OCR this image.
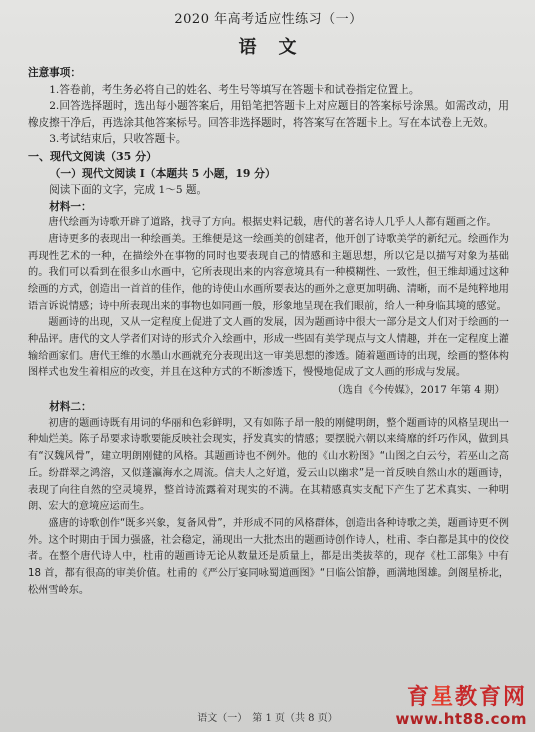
2020 年高考适应性练习（一）
语文

注意事项：

1.答卷前，考生务必将自己的姓名、考生号等填写在答题卡和试卷指定位置上。

2.回答选择题时，选出每小题答案后，用铅笔把答题卡上对应题目的答案标号涂黑。如需改动，用橡皮擦干净后，再选涂其他答案标号。回答非选择题时，将答案写在答题卡上。写在本试卷上无效。

3.考试结束后，只收答题卡。

一、现代文阅读（35 分）
（一）现代文阅读 I（本题共 5 小题，19 分）

阅读下面的文字，完成 1～5 题。

材料一：

唐代绘画为诗歌开辟了道路，找寻了方向。根据史料记载，唐代的著名诗人几乎人人都有题画之作。

唐诗更多的表现出一种绘画美。王维便是这一绘画美的创建者，他开创了诗歌美学的新纪元。绘画作为再现性艺术的一种，在描绘外在事物的同时也要表现自己的情感和主题思想，所以它是以描写对象为基础的。我们可以看到在很多山水画中，它所表现出来的内容意境具有一种模糊性、一致性，但王维却通过这种绘画的方式，创造出一首首的佳作，他的诗使山水画所要表达的画外之意更加明确、清晰，而不是纯粹地用语言诉说情感；诗中所表现出来的事物也如同画一般，形象地呈现在我们眼前，给人一种身临其境的感觉。

题画诗的出现，又从一定程度上促进了文人画的发展，因为题画诗中很大一部分是文人们对于绘画的一种品评。唐代的文人学者们对诗的形式介入绘画中，形成一些固有美学现点与文人情趣，并在一定程度上灌输给画家们。唐代王维的水墨山水画就充分表现出这一审美思想的渗透。随着题画诗的出现，绘画的整体构图样式也发生着相应的改变，并且在这种方式的不断渗透下，慢慢地促成了文人画的形成与发展。

（选自《今传媒》，2017 年第 4 期）

材料二：

初唐的题画诗既有用词的华丽和色彩鲜明，又有如陈子昂一般的刚健明朗，整个题画诗的风格呈现出一种灿烂美。陈子昂要求诗歌要能反映社会现实，抒发真实的情感；要摆脱六朝以来绮靡的纤巧作风，做到具有“汉魏风骨”，建立明朗刚健的风格。其题画诗也不例外。他的《山水粉图》“山图之白云兮，若巫山之高丘。纷群翠之鸿溶，又似蓬瀛海水之周流。信夫人之好道，爱云山以幽求”是一首反映自然山水的题画诗，表现了向往自然的空灵境界，整首诗流露着对现实的不满。在其精感真实支配下产生了艺术真实、一种明朗、宏大的意境应运而生。

盛唐的诗歌创作“既多兴象，复备风骨”，并形成不同的风格群体，创造出各种诗歌之美，题画诗更不例外。这个时期由于国力强盛，社会稳定，涌现出一大批杰出的题画诗创作诗人，杜甫、李白都是其中的佼佼者。在整个唐代诗人中，杜甫的题画诗无论从数量还是质量上，都是出类拔萃的，现存《杜工部集》中有 18 首，都有很高的审美价值。杜甫的《严公厅宴同咏蜀道画图》“日临公馆静，画满地图雄。剑阁星桥北，松州雪岭东。

语文（一）　第 1 页（共 8 页）
育星教育网
www.ht88.com
